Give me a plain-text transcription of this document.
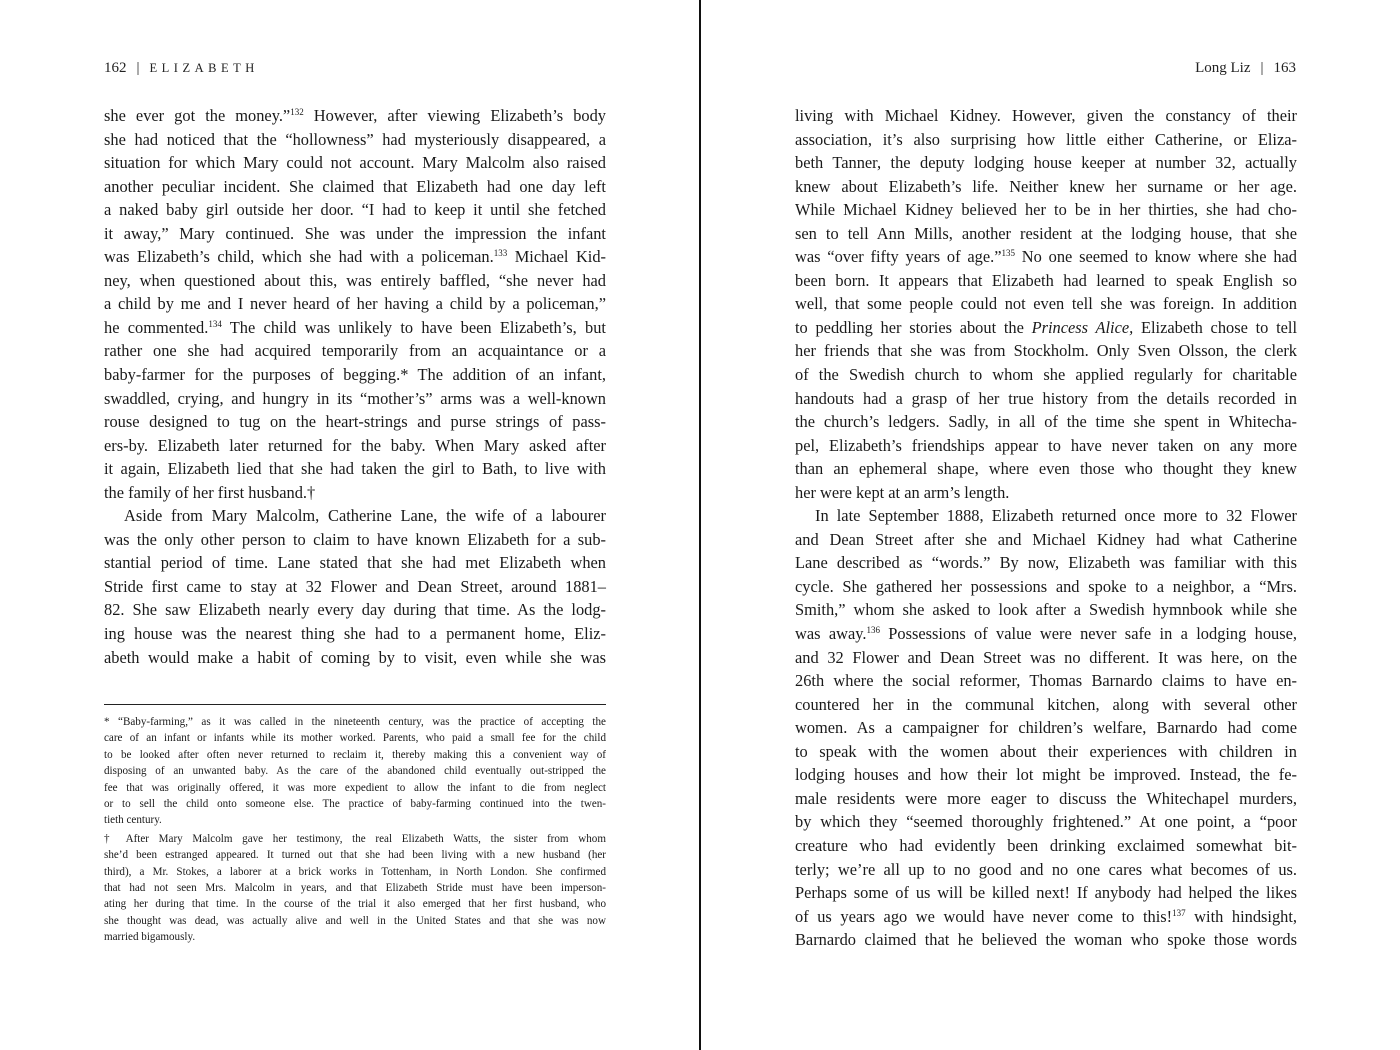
162 | ELIZABETH
she ever got the money.”$^{132}$ However, after viewing Elizabeth’s body
she had noticed that the “hollowness” had mysteriously disappeared, a
situation for which Mary could not account. Mary Malcolm also raised
another peculiar incident. She claimed that Elizabeth had one day left
a naked baby girl outside her door. “I had to keep it until she fetched
it away,” Mary continued. She was under the impression the infant
was Elizabeth’s child, which she had with a policeman.$^{133}$ Michael Kid-
ney, when questioned about this, was entirely baffled, “she never had
a child by me and I never heard of her having a child by a policeman,”
he commented.$^{134}$ The child was unlikely to have been Elizabeth’s, but
rather one she had acquired temporarily from an acquaintance or a
baby-farmer for the purposes of begging.* The addition of an infant,
swaddled, crying, and hungry in its “mother’s” arms was a well-known
rouse designed to tug on the heart-strings and purse strings of pass-
ers-by. Elizabeth later returned for the baby. When Mary asked after
it again, Elizabeth lied that she had taken the girl to Bath, to live with
the family of her first husband.†
Aside from Mary Malcolm, Catherine Lane, the wife of a labourer
was the only other person to claim to have known Elizabeth for a sub-
stantial period of time. Lane stated that she had met Elizabeth when
Stride first came to stay at 32 Flower and Dean Street, around 1881–
82. She saw Elizabeth nearly every day during that time. As the lodg-
ing house was the nearest thing she had to a permanent home, Eliz-
abeth would make a habit of coming by to visit, even while she was
* “Baby-farming,” as it was called in the nineteenth century, was the practice of accepting the
care of an infant or infants while its mother worked. Parents, who paid a small fee for the child
to be looked after often never returned to reclaim it, thereby making this a convenient way of
disposing of an unwanted baby. As the care of the abandoned child eventually out-stripped the
fee that was originally offered, it was more expedient to allow the infant to die from neglect
or to sell the child onto someone else. The practice of baby-farming continued into the twen-
tieth century.
† After Mary Malcolm gave her testimony, the real Elizabeth Watts, the sister from whom
she’d been estranged appeared. It turned out that she had been living with a new husband (her
third), a Mr. Stokes, a laborer at a brick works in Tottenham, in North London. She confirmed
that had not seen Mrs. Malcolm in years, and that Elizabeth Stride must have been imperson-
ating her during that time. In the course of the trial it also emerged that her first husband, who
she thought was dead, was actually alive and well in the United States and that she was now
married bigamously.
Long Liz | 163
living with Michael Kidney. However, given the constancy of their
association, it’s also surprising how little either Catherine, or Eliza-
beth Tanner, the deputy lodging house keeper at number 32, actually
knew about Elizabeth’s life. Neither knew her surname or her age.
While Michael Kidney believed her to be in her thirties, she had cho-
sen to tell Ann Mills, another resident at the lodging house, that she
was “over fifty years of age.”$^{135}$ No one seemed to know where she had
been born. It appears that Elizabeth had learned to speak English so
well, that some people could not even tell she was foreign. In addition
to peddling her stories about the Princess Alice, Elizabeth chose to tell
her friends that she was from Stockholm. Only Sven Olsson, the clerk
of the Swedish church to whom she applied regularly for charitable
handouts had a grasp of her true history from the details recorded in
the church’s ledgers. Sadly, in all of the time she spent in Whitecha-
pel, Elizabeth’s friendships appear to have never taken on any more
than an ephemeral shape, where even those who thought they knew
her were kept at an arm’s length.
In late September 1888, Elizabeth returned once more to 32 Flower
and Dean Street after she and Michael Kidney had what Catherine
Lane described as “words.” By now, Elizabeth was familiar with this
cycle. She gathered her possessions and spoke to a neighbor, a “Mrs.
Smith,” whom she asked to look after a Swedish hymnbook while she
was away.$^{136}$ Possessions of value were never safe in a lodging house,
and 32 Flower and Dean Street was no different. It was here, on the
26th where the social reformer, Thomas Barnardo claims to have en-
countered her in the communal kitchen, along with several other
women. As a campaigner for children’s welfare, Barnardo had come
to speak with the women about their experiences with children in
lodging houses and how their lot might be improved. Instead, the fe-
male residents were more eager to discuss the Whitechapel murders,
by which they “seemed thoroughly frightened.” At one point, a “poor
creature who had evidently been drinking exclaimed somewhat bit-
terly; we’re all up to no good and no one cares what becomes of us.
Perhaps some of us will be killed next! If anybody had helped the likes
of us years ago we would have never come to this!$^{137}$ with hindsight,
Barnardo claimed that he believed the woman who spoke those words
